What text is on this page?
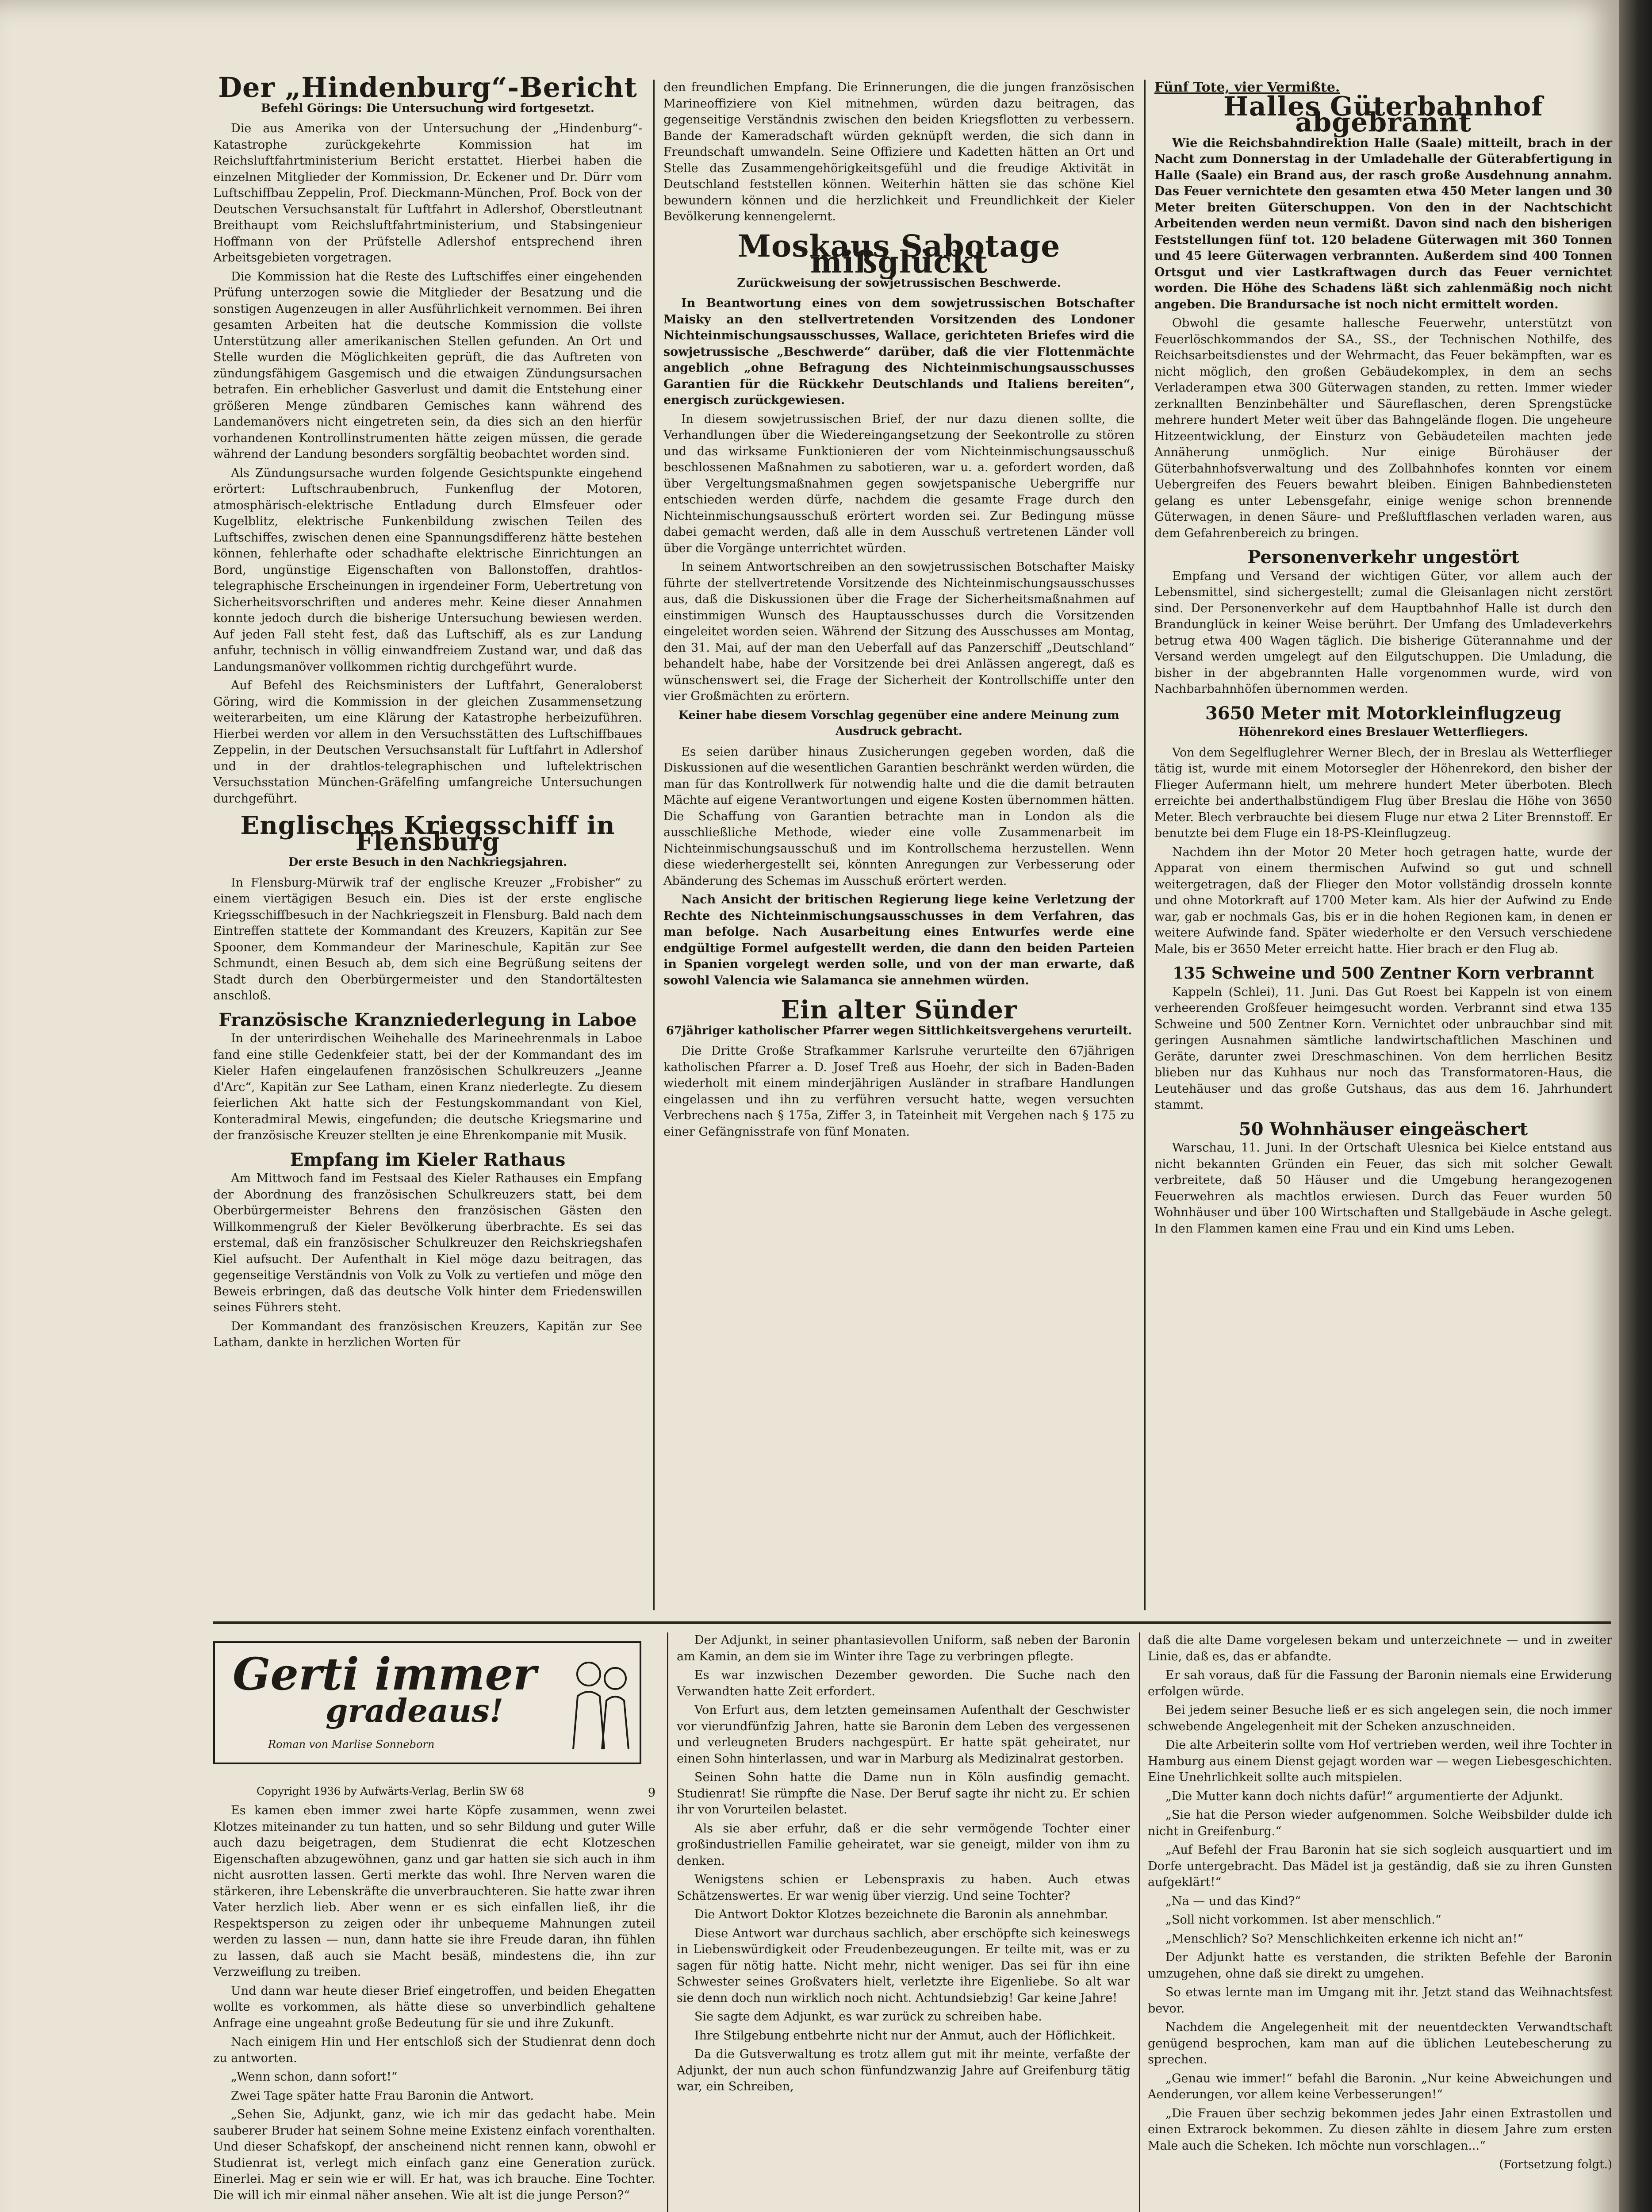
Der „Hindenburg“-Bericht
Befehl Görings: Die Untersuchung wird fortgesetzt.

Die aus Amerika von der Untersuchung der „Hindenburg“-Katastrophe zurückgekehrte Kommission hat im Reichsluftfahrtministerium Bericht erstattet. Hierbei haben die einzelnen Mitglieder der Kommission, Dr. Eckener und Dr. Dürr vom Luftschiffbau Zeppelin, Prof. Dieckmann-München, Prof. Bock von der Deutschen Versuchsanstalt für Luftfahrt in Adlershof, Oberstleutnant Breithaupt vom Reichsluftfahrtministerium, und Stabsingenieur Hoffmann von der Prüfstelle Adlershof entsprechend ihren Arbeitsgebieten vorgetragen.

Die Kommission hat die Reste des Luftschiffes einer eingehenden Prüfung unterzogen sowie die Mitglieder der Besatzung und die sonstigen Augenzeugen in aller Ausführlichkeit vernommen. Bei ihren gesamten Arbeiten hat die deutsche Kommission die vollste Unterstützung aller amerikanischen Stellen gefunden. An Ort und Stelle wurden die Möglichkeiten geprüft, die das Auftreten von zündungsfähigem Gasgemisch und die etwaigen Zündungsursachen betrafen. Ein erheblicher Gasverlust und damit die Entstehung einer größeren Menge zündbaren Gemisches kann während des Landemanövers nicht eingetreten sein, da dies sich an den hierfür vorhandenen Kontrollinstrumenten hätte zeigen müssen, die gerade während der Landung besonders sorgfältig beobachtet worden sind.

Als Zündungsursache wurden folgende Gesichtspunkte eingehend erörtert: Luftschraubenbruch, Funkenflug der Motoren, atmosphärisch-elektrische Entladung durch Elmsfeuer oder Kugelblitz, elektrische Funkenbildung zwischen Teilen des Luftschiffes, zwischen denen eine Spannungsdifferenz hätte bestehen können, fehlerhafte oder schadhafte elektrische Einrichtungen an Bord, ungünstige Eigenschaften von Ballonstoffen, drahtlos-telegraphische Erscheinungen in irgendeiner Form, Uebertretung von Sicherheitsvorschriften und anderes mehr. Keine dieser Annahmen konnte jedoch durch die bisherige Untersuchung bewiesen werden. Auf jeden Fall steht fest, daß das Luftschiff, als es zur Landung anfuhr, technisch in völlig einwandfreiem Zustand war, und daß das Landungsmanöver vollkommen richtig durchgeführt wurde.

Auf Befehl des Reichsministers der Luftfahrt, Generaloberst Göring, wird die Kommission in der gleichen Zusammensetzung weiterarbeiten, um eine Klärung der Katastrophe herbeizuführen. Hierbei werden vor allem in den Versuchsstätten des Luftschiffbaues Zeppelin, in der Deutschen Versuchsanstalt für Luftfahrt in Adlershof und in der drahtlos-telegraphischen und luftelektrischen Versuchsstation München-Gräfelfing umfangreiche Untersuchungen durchgeführt.

Englisches Kriegsschiff in Flensburg
Der erste Besuch in den Nachkriegsjahren.

In Flensburg-Mürwik traf der englische Kreuzer „Frobisher“ zu einem viertägigen Besuch ein. Dies ist der erste englische Kriegsschiffbesuch in der Nachkriegszeit in Flensburg. Bald nach dem Eintreffen stattete der Kommandant des Kreuzers, Kapitän zur See Spooner, dem Kommandeur der Marineschule, Kapitän zur See Schmundt, einen Besuch ab, dem sich eine Begrüßung seitens der Stadt durch den Oberbürgermeister und den Standortältesten anschloß.

Französische Kranzniederlegung in Laboe

In der unterirdischen Weihehalle des Marineehrenmals in Laboe fand eine stille Gedenkfeier statt, bei der der Kommandant des im Kieler Hafen eingelaufenen französischen Schulkreuzers „Jeanne d'Arc“, Kapitän zur See Latham, einen Kranz niederlegte. Zu diesem feierlichen Akt hatte sich der Festungskommandant von Kiel, Konteradmiral Mewis, eingefunden; die deutsche Kriegsmarine und der französische Kreuzer stellten je eine Ehrenkompanie mit Musik.

Empfang im Kieler Rathaus

Am Mittwoch fand im Festsaal des Kieler Rathauses ein Empfang der Abordnung des französischen Schulkreuzers statt, bei dem Oberbürgermeister Behrens den französischen Gästen den Willkommengruß der Kieler Bevölkerung überbrachte. Es sei das erstemal, daß ein französischer Schulkreuzer den Reichskriegshafen Kiel aufsucht. Der Aufenthalt in Kiel möge dazu beitragen, das gegenseitige Verständnis von Volk zu Volk zu vertiefen und möge den Beweis erbringen, daß das deutsche Volk hinter dem Friedenswillen seines Führers steht.

Der Kommandant des französischen Kreuzers, Kapitän zur See Latham, dankte in herzlichen Worten für

den freundlichen Empfang. Die Erinnerungen, die die jungen französischen Marineoffiziere von Kiel mitnehmen, würden dazu beitragen, das gegenseitige Verständnis zwischen den beiden Kriegsflotten zu verbessern. Bande der Kameradschaft würden geknüpft werden, die sich dann in Freundschaft umwandeln. Seine Offiziere und Kadetten hätten an Ort und Stelle das Zusammengehörigkeitsgefühl und die freudige Aktivität in Deutschland feststellen können. Weiterhin hätten sie das schöne Kiel bewundern können und die herzlichkeit und Freundlichkeit der Kieler Bevölkerung kennengelernt.

Moskaus Sabotage mißglückt
Zurückweisung der sowjetrussischen Beschwerde.

In Beantwortung eines von dem sowjetrussischen Botschafter Maisky an den stellvertretenden Vorsitzenden des Londoner Nichteinmischungsausschusses, Wallace, gerichteten Briefes wird die sowjetrussische „Beschwerde“ darüber, daß die vier Flottenmächte angeblich „ohne Befragung des Nichteinmischungsausschusses Garantien für die Rückkehr Deutschlands und Italiens bereiten“, energisch zurückgewiesen.

In diesem sowjetrussischen Brief, der nur dazu dienen sollte, die Verhandlungen über die Wiedereingangsetzung der Seekontrolle zu stören und das wirksame Funktionieren der vom Nichteinmischungsausschuß beschlossenen Maßnahmen zu sabotieren, war u. a. gefordert worden, daß über Vergeltungsmaßnahmen gegen sowjetspanische Uebergriffe nur entschieden werden dürfe, nachdem die gesamte Frage durch den Nichteinmischungsausschuß erörtert worden sei. Zur Bedingung müsse dabei gemacht werden, daß alle in dem Ausschuß vertretenen Länder voll über die Vorgänge unterrichtet würden.

In seinem Antwortschreiben an den sowjetrussischen Botschafter Maisky führte der stellvertretende Vorsitzende des Nichteinmischungsausschusses aus, daß die Diskussionen über die Frage der Sicherheitsmaßnahmen auf einstimmigen Wunsch des Hauptausschusses durch die Vorsitzenden eingeleitet worden seien. Während der Sitzung des Ausschusses am Montag, den 31. Mai, auf der man den Ueberfall auf das Panzerschiff „Deutschland“ behandelt habe, habe der Vorsitzende bei drei Anlässen angeregt, daß es wünschenswert sei, die Frage der Sicherheit der Kontrollschiffe unter den vier Großmächten zu erörtern.

Keiner habe diesem Vorschlag gegenüber eine andere Meinung zum Ausdruck gebracht.

Es seien darüber hinaus Zusicherungen gegeben worden, daß die Diskussionen auf die wesentlichen Garantien beschränkt werden würden, die man für das Kontrollwerk für notwendig halte und die die damit betrauten Mächte auf eigene Verantwortungen und eigene Kosten übernommen hätten. Die Schaffung von Garantien betrachte man in London als die ausschließliche Methode, wieder eine volle Zusammenarbeit im Nichteinmischungsausschuß und im Kontrollschema herzustellen. Wenn diese wiederhergestellt sei, könnten Anregungen zur Verbesserung oder Abänderung des Schemas im Ausschuß erörtert werden.

Nach Ansicht der britischen Regierung liege keine Verletzung der Rechte des Nichteinmischungsausschusses in dem Verfahren, das man befolge. Nach Ausarbeitung eines Entwurfes werde eine endgültige Formel aufgestellt werden, die dann den beiden Parteien in Spanien vorgelegt werden solle, und von der man erwarte, daß sowohl Valencia wie Salamanca sie annehmen würden.

Ein alter Sünder
67jähriger katholischer Pfarrer wegen Sittlichkeitsvergehens verurteilt.

Die Dritte Große Strafkammer Karlsruhe verurteilte den 67jährigen katholischen Pfarrer a. D. Josef Treß aus Hoehr, der sich in Baden-Baden wiederholt mit einem minderjährigen Ausländer in strafbare Handlungen eingelassen und ihn zu verführen versucht hatte, wegen versuchten Verbrechens nach § 175a, Ziffer 3, in Tateinheit mit Vergehen nach § 175 zu einer Gefängnisstrafe von fünf Monaten.

Fünf Tote, vier Vermißte.
Halles Güterbahnhof abgebrannt

Wie die Reichsbahndirektion Halle (Saale) mitteilt, brach in der Nacht zum Donnerstag in der Umladehalle der Güterabfertigung in Halle (Saale) ein Brand aus, der rasch große Ausdehnung annahm. Das Feuer vernichtete den gesamten etwa 450 Meter langen und 30 Meter breiten Güterschuppen. Von den in der Nachtschicht Arbeitenden werden neun vermißt. Davon sind nach den bisherigen Feststellungen fünf tot. 120 beladene Güterwagen mit 360 Tonnen und 45 leere Güterwagen verbrannten. Außerdem sind 400 Tonnen Ortsgut und vier Lastkraftwagen durch das Feuer vernichtet worden. Die Höhe des Schadens läßt sich zahlenmäßig noch nicht angeben. Die Brandursache ist noch nicht ermittelt worden.

Obwohl die gesamte hallesche Feuerwehr, unterstützt von Feuerlöschkommandos der SA., SS., der Technischen Nothilfe, des Reichsarbeitsdienstes und der Wehrmacht, das Feuer bekämpften, war es nicht möglich, den großen Gebäudekomplex, in dem an sechs Verladerampen etwa 300 Güterwagen standen, zu retten. Immer wieder zerknallten Benzinbehälter und Säureflaschen, deren Sprengstücke mehrere hundert Meter weit über das Bahngelände flogen. Die ungeheure Hitzeentwicklung, der Einsturz von Gebäudeteilen machten jede Annäherung unmöglich. Nur einige Bürohäuser der Güterbahnhofsverwaltung und des Zollbahnhofes konnten vor einem Uebergreifen des Feuers bewahrt bleiben. Einigen Bahnbediensteten gelang es unter Lebensgefahr, einige wenige schon brennende Güterwagen, in denen Säure- und Preßluftflaschen verladen waren, aus dem Gefahrenbereich zu bringen.

Personenverkehr ungestört

Empfang und Versand der wichtigen Güter, vor allem auch der Lebensmittel, sind sichergestellt; zumal die Gleisanlagen nicht zerstört sind. Der Personenverkehr auf dem Hauptbahnhof Halle ist durch den Brandunglück in keiner Weise berührt. Der Umfang des Umladeverkehrs betrug etwa 400 Wagen täglich. Die bisherige Güterannahme und der Versand werden umgelegt auf den Eilgutschuppen. Die Umladung, die bisher in der abgebrannten Halle vorgenommen wurde, wird von Nachbarbahnhöfen übernommen werden.

3650 Meter mit Motorkleinflugzeug
Höhenrekord eines Breslauer Wetterfliegers.

Von dem Segelfluglehrer Werner Blech, der in Breslau als Wetterflieger tätig ist, wurde mit einem Motorsegler der Höhenrekord, den bisher der Flieger Aufermann hielt, um mehrere hundert Meter überboten. Blech erreichte bei anderthalbstündigem Flug über Breslau die Höhe von 3650 Meter. Blech verbrauchte bei diesem Fluge nur etwa 2 Liter Brennstoff. Er benutzte bei dem Fluge ein 18-PS-Kleinflugzeug.

Nachdem ihn der Motor 20 Meter hoch getragen hatte, wurde der Apparat von einem thermischen Aufwind so gut und schnell weitergetragen, daß der Flieger den Motor vollständig drosseln konnte und ohne Motorkraft auf 1700 Meter kam. Als hier der Aufwind zu Ende war, gab er nochmals Gas, bis er in die hohen Regionen kam, in denen er weitere Aufwinde fand. Später wiederholte er den Versuch verschiedene Male, bis er 3650 Meter erreicht hatte. Hier brach er den Flug ab.

135 Schweine und 500 Zentner Korn verbrannt

Kappeln (Schlei), 11. Juni. Das Gut Roest bei Kappeln ist von einem verheerenden Großfeuer heimgesucht worden. Verbrannt sind etwa 135 Schweine und 500 Zentner Korn. Vernichtet oder unbrauchbar sind mit geringen Ausnahmen sämtliche landwirtschaftlichen Maschinen und Geräte, darunter zwei Dreschmaschinen. Von dem herrlichen Besitz blieben nur das Kuhhaus nur noch das Transformatoren-Haus, die Leutehäuser und das große Gutshaus, das aus dem 16. Jahrhundert stammt.

50 Wohnhäuser eingeäschert

Warschau, 11. Juni. In der Ortschaft Ulesnica bei Kielce entstand aus nicht bekannten Gründen ein Feuer, das sich mit solcher Gewalt verbreitete, daß 50 Häuser und die Umgebung herangezogenen Feuerwehren als machtlos erwiesen. Durch das Feuer wurden 50 Wohnhäuser und über 100 Wirtschaften und Stallgebäude in Asche gelegt. In den Flammen kamen eine Frau und ein Kind ums Leben.

Gerti immer
gradeaus!
Roman von Marlise Sonneborn
Copyright 1936 by Aufwärts-Verlag, Berlin SW 68	9

Es kamen eben immer zwei harte Köpfe zusammen, wenn zwei Klotzes miteinander zu tun hatten, und so sehr Bildung und guter Wille auch dazu beigetragen, dem Studienrat die echt Klotzeschen Eigenschaften abzugewöhnen, ganz und gar hatten sie sich auch in ihm nicht ausrotten lassen. Gerti merkte das wohl. Ihre Nerven waren die stärkeren, ihre Lebenskräfte die unverbrauchteren. Sie hatte zwar ihren Vater herzlich lieb. Aber wenn er es sich einfallen ließ, ihr die Respektsperson zu zeigen oder ihr unbequeme Mahnungen zuteil werden zu lassen — nun, dann hatte sie ihre Freude daran, ihn fühlen zu lassen, daß auch sie Macht besäß, mindestens die, ihn zur Verzweiflung zu treiben.

Und dann war heute dieser Brief eingetroffen, und beiden Ehegatten wollte es vorkommen, als hätte diese so unverbindlich gehaltene Anfrage eine ungeahnt große Bedeutung für sie und ihre Zukunft.

Nach einigem Hin und Her entschloß sich der Studienrat denn doch zu antworten.

„Wenn schon, dann sofort!“

Zwei Tage später hatte Frau Baronin die Antwort.

„Sehen Sie, Adjunkt, ganz, wie ich mir das gedacht habe. Mein sauberer Bruder hat seinem Sohne meine Existenz einfach vorenthalten. Und dieser Schafskopf, der anscheinend nicht rennen kann, obwohl er Studienrat ist, verlegt mich einfach ganz eine Generation zurück. Einerlei. Mag er sein wie er will. Er hat, was ich brauche. Eine Tochter. Die will ich mir einmal näher ansehen. Wie alt ist die junge Person?“

Der Adjunkt, in seiner phantasievollen Uniform, saß neben der Baronin am Kamin, an dem sie im Winter ihre Tage zu verbringen pflegte.

Es war inzwischen Dezember geworden. Die Suche nach den Verwandten hatte Zeit erfordert.

Von Erfurt aus, dem letzten gemeinsamen Aufenthalt der Geschwister vor vierundfünfzig Jahren, hatte sie Baronin dem Leben des vergessenen und verleugneten Bruders nachgespürt. Er hatte spät geheiratet, nur einen Sohn hinterlassen, und war in Marburg als Medizinalrat gestorben.

Seinen Sohn hatte die Dame nun in Köln ausfindig gemacht. Studienrat! Sie rümpfte die Nase. Der Beruf sagte ihr nicht zu. Er schien ihr von Vorurteilen belastet.

Als sie aber erfuhr, daß er die sehr vermögende Tochter einer großindustriellen Familie geheiratet, war sie geneigt, milder von ihm zu denken.

Wenigstens schien er Lebenspraxis zu haben. Auch etwas Schätzenswertes. Er war wenig über vierzig. Und seine Tochter?

Die Antwort Doktor Klotzes bezeichnete die Baronin als annehmbar.

Diese Antwort war durchaus sachlich, aber erschöpfte sich keineswegs in Liebenswürdigkeit oder Freudenbezeugungen. Er teilte mit, was er zu sagen für nötig hatte. Nicht mehr, nicht weniger. Das sei für ihn eine Schwester seines Großvaters hielt, verletzte ihre Eigenliebe. So alt war sie denn doch nun wirklich noch nicht. Achtundsiebzig! Gar keine Jahre!

Sie sagte dem Adjunkt, es war zurück zu schreiben habe.

Ihre Stilgebung entbehrte nicht nur der Anmut, auch der Höflichkeit.

Da die Gutsverwaltung es trotz allem gut mit ihr meinte, verfaßte der Adjunkt, der nun auch schon fünfundzwanzig Jahre auf Greifenburg tätig war, ein Schreiben,

daß die alte Dame vorgelesen bekam und unterzeichnete — und in zweiter Linie, daß es, das er abfandte.

Er sah voraus, daß für die Fassung der Baronin niemals eine Erwiderung erfolgen würde.

Bei jedem seiner Besuche ließ er es sich angelegen sein, die noch immer schwebende Angelegenheit mit der Scheken anzuschneiden.

Die alte Arbeiterin sollte vom Hof vertrieben werden, weil ihre Tochter in Hamburg aus einem Dienst gejagt worden war — wegen Liebesgeschichten. Eine Unehrlichkeit sollte auch mitspielen.

„Die Mutter kann doch nichts dafür!“ argumentierte der Adjunkt.

„Sie hat die Person wieder aufgenommen. Solche Weibsbilder dulde ich nicht in Greifenburg.“

„Auf Befehl der Frau Baronin hat sie sich sogleich ausquartiert und im Dorfe untergebracht. Das Mädel ist ja geständig, daß sie zu ihren Gunsten aufgeklärt!“

„Na — und das Kind?“

„Soll nicht vorkommen. Ist aber menschlich.“

„Menschlich? So? Menschlichkeiten erkenne ich nicht an!“

Der Adjunkt hatte es verstanden, die strikten Befehle der Baronin umzugehen, ohne daß sie direkt zu umgehen.

So etwas lernte man im Umgang mit ihr. Jetzt stand das Weihnachtsfest bevor.

Nachdem die Angelegenheit mit der neuentdeckten Verwandtschaft genügend besprochen, kam man auf die üblichen Leutebescherung zu sprechen.

„Genau wie immer!“ befahl die Baronin. „Nur keine Abweichungen und Aenderungen, vor allem keine Verbesserungen!“

„Die Frauen über sechzig bekommen jedes Jahr einen Extrastollen und einen Extrarock bekommen. Zu diesen zählte in diesem Jahre zum ersten Male auch die Scheken. Ich möchte nun vorschlagen...“

(Fortsetzung folgt.)
